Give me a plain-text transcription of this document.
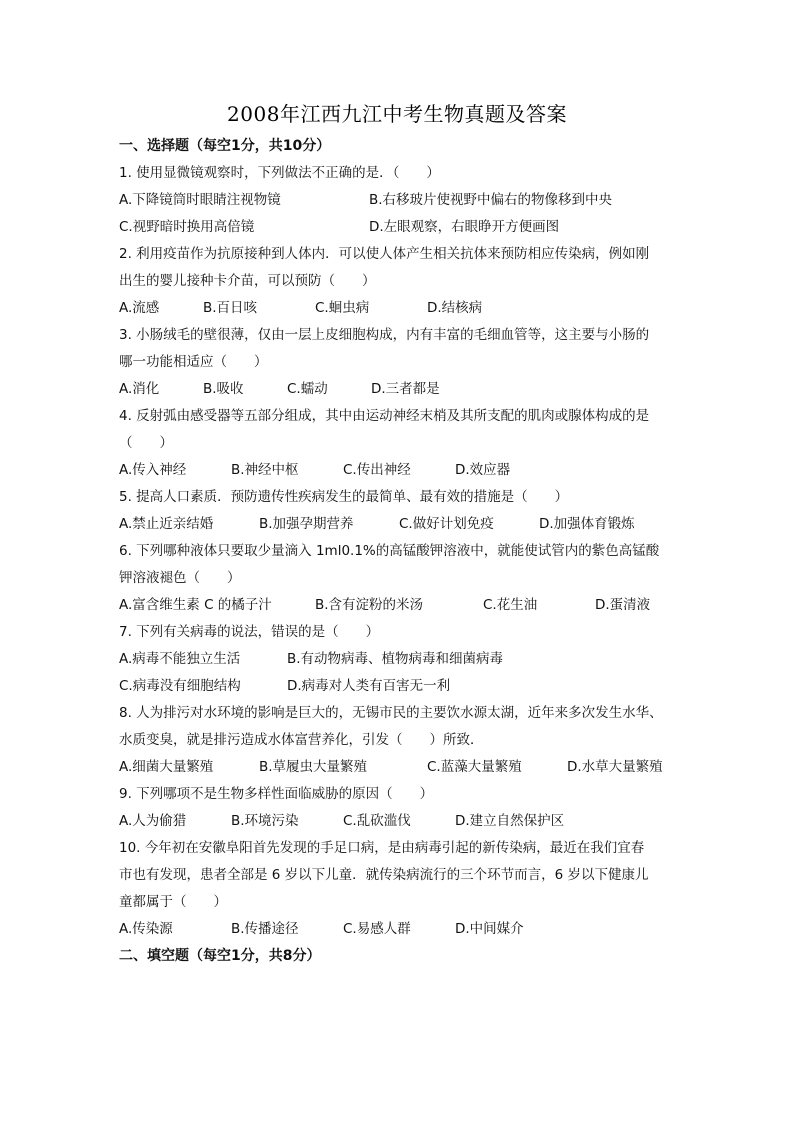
2008年江西九江中考生物真题及答案
一、选择题（每空1分，共10分）
1. 使用显微镜观察时，下列做法不正确的是．（　　）
A.下降镜筒时眼睛注视物镜	B.右移玻片使视野中偏右的物像移到中央
C.视野暗时换用高倍镜	D.左眼观察，右眼睁开方便画图
2. 利用疫苗作为抗原接种到人体内．可以使人体产生相关抗体来预防相应传染病，例如刚
出生的婴儿接种卡介苗，可以预防（　　）
A.流感	B.百日咳	C.蛔虫病	D.结核病
3. 小肠绒毛的壁很薄，仅由一层上皮细胞构成，内有丰富的毛细血管等，这主要与小肠的
哪一功能相适应（　　）
A.消化	B.吸收	C.蠕动	D.三者都是
4. 反射弧由感受器等五部分组成，其中由运动神经末梢及其所支配的肌肉或腺体构成的是
（　　）
A.传入神经	B.神经中枢	C.传出神经	D.效应器
5. 提高人口素质．预防遗传性疾病发生的最简单、最有效的措施是（　　）
A.禁止近亲结婚	B.加强孕期营养	C.做好计划免疫	D.加强体育锻炼
6. 下列哪种液体只要取少量滴入 1ml0.1%的高锰酸钾溶液中，就能使试管内的紫色高锰酸
钾溶液褪色（　　）
A.富含维生素 C 的橘子汁	B.含有淀粉的米汤	C.花生油	D.蛋清液
7. 下列有关病毒的说法，错误的是（　　）
A.病毒不能独立生活	B.有动物病毒、植物病毒和细菌病毒
C.病毒没有细胞结构	D.病毒对人类有百害无一利
8. 人为排污对水环境的影响是巨大的，无锡市民的主要饮水源太湖，近年来多次发生水华、
水质变臭，就是排污造成水体富营养化，引发（　　）所致．
A.细菌大量繁殖	B.草履虫大量繁殖	C.蓝藻大量繁殖	D.水草大量繁殖
9. 下列哪项不是生物多样性面临威胁的原因（　　）
A.人为偷猎	B.环境污染	C.乱砍滥伐	D.建立自然保护区
10. 今年初在安徽阜阳首先发现的手足口病，是由病毒引起的新传染病，最近在我们宜春
市也有发现，患者全部是 6 岁以下儿童．就传染病流行的三个环节而言，6 岁以下健康儿
童都属于（　　）
A.传染源	B.传播途径	C.易感人群	D.中间媒介
二、填空题（每空1分，共8分）
